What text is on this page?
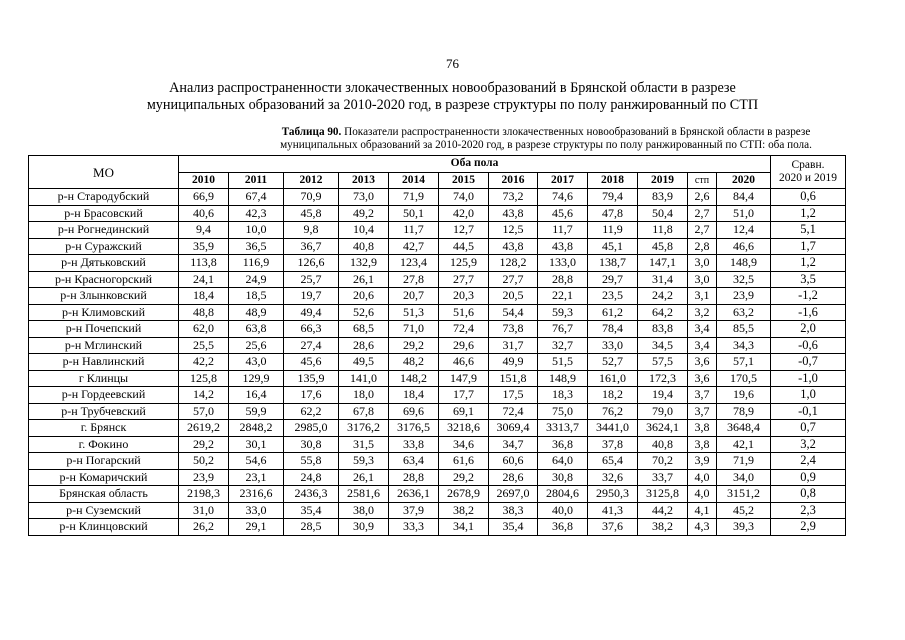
76
Анализ распространенности злокачественных новообразований в Брянской области в разрезе
муниципальных образований за 2010-2020 год, в разрезе структуры по полу ранжированный по СТП
Таблица 90. Показатели распространенности злокачественных новообразований в Брянской области в разрезе
муниципальных образований за 2010-2020 год, в разрезе структуры по полу ранжированный по СТП: оба пола.
МО	Оба пола												Сравн.
2020 и 2019

	2010	2011	2012	2013	2014	2015	2016	2017	2018	2019	стп	2020	
р-н Стародубский	66,9	67,4	70,9	73,0	71,9	74,0	73,2	74,6	79,4	83,9	2,6	84,4	0,6
р-н Брасовский	40,6	42,3	45,8	49,2	50,1	42,0	43,8	45,6	47,8	50,4	2,7	51,0	1,2
р-н Рогнединский	9,4	10,0	9,8	10,4	11,7	12,7	12,5	11,7	11,9	11,8	2,7	12,4	5,1
р-н Суражский	35,9	36,5	36,7	40,8	42,7	44,5	43,8	43,8	45,1	45,8	2,8	46,6	1,7
р-н Дятьковский	113,8	116,9	126,6	132,9	123,4	125,9	128,2	133,0	138,7	147,1	3,0	148,9	1,2
р-н Красногорский	24,1	24,9	25,7	26,1	27,8	27,7	27,7	28,8	29,7	31,4	3,0	32,5	3,5
р-н Злынковский	18,4	18,5	19,7	20,6	20,7	20,3	20,5	22,1	23,5	24,2	3,1	23,9	-1,2
р-н Климовский	48,8	48,9	49,4	52,6	51,3	51,6	54,4	59,3	61,2	64,2	3,2	63,2	-1,6
р-н Почепский	62,0	63,8	66,3	68,5	71,0	72,4	73,8	76,7	78,4	83,8	3,4	85,5	2,0
р-н Мглинский	25,5	25,6	27,4	28,6	29,2	29,6	31,7	32,7	33,0	34,5	3,4	34,3	-0,6
р-н Навлинский	42,2	43,0	45,6	49,5	48,2	46,6	49,9	51,5	52,7	57,5	3,6	57,1	-0,7
г Клинцы	125,8	129,9	135,9	141,0	148,2	147,9	151,8	148,9	161,0	172,3	3,6	170,5	-1,0
р-н Гордеевский	14,2	16,4	17,6	18,0	18,4	17,7	17,5	18,3	18,2	19,4	3,7	19,6	1,0
р-н Трубчевский	57,0	59,9	62,2	67,8	69,6	69,1	72,4	75,0	76,2	79,0	3,7	78,9	-0,1
г. Брянск	2619,2	2848,2	2985,0	3176,2	3176,5	3218,6	3069,4	3313,7	3441,0	3624,1	3,8	3648,4	0,7
г. Фокино	29,2	30,1	30,8	31,5	33,8	34,6	34,7	36,8	37,8	40,8	3,8	42,1	3,2
р-н Погарский	50,2	54,6	55,8	59,3	63,4	61,6	60,6	64,0	65,4	70,2	3,9	71,9	2,4
р-н Комаричский	23,9	23,1	24,8	26,1	28,8	29,2	28,6	30,8	32,6	33,7	4,0	34,0	0,9
Брянская область	2198,3	2316,6	2436,3	2581,6	2636,1	2678,9	2697,0	2804,6	2950,3	3125,8	4,0	3151,2	0,8
р-н Суземский	31,0	33,0	35,4	38,0	37,9	38,2	38,3	40,0	41,3	44,2	4,1	45,2	2,3
р-н Клинцовский	26,2	29,1	28,5	30,9	33,3	34,1	35,4	36,8	37,6	38,2	4,3	39,3	2,9
